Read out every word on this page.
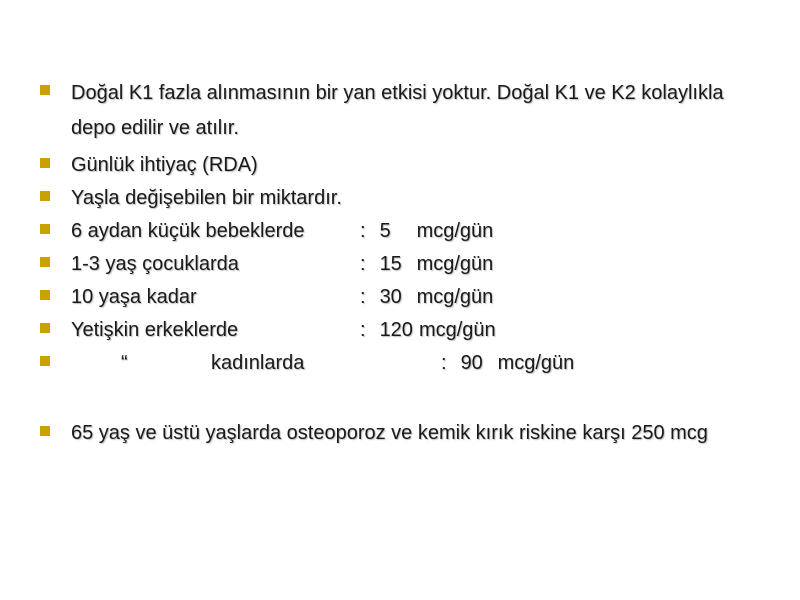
Doğal K1 fazla alınmasının bir yan etkisi yoktur. Doğal K1 ve K2 kolaylıkla depo edilir ve atılır.
Günlük ihtiyaç (RDA)
Yaşla değişebilen bir miktardır.
6 aydan küçük bebeklerde	: 5 mcg/gün
1-3 yaş çocuklarda	: 15 mcg/gün
10 yaşa kadar	: 30 mcg/gün
Yetişkin erkeklerde	: 120 mcg/gün
“	kadınlarda	: 90 mcg/gün
65 yaş ve üstü yaşlarda osteoporoz ve kemik kırık riskine karşı 250 mcg
